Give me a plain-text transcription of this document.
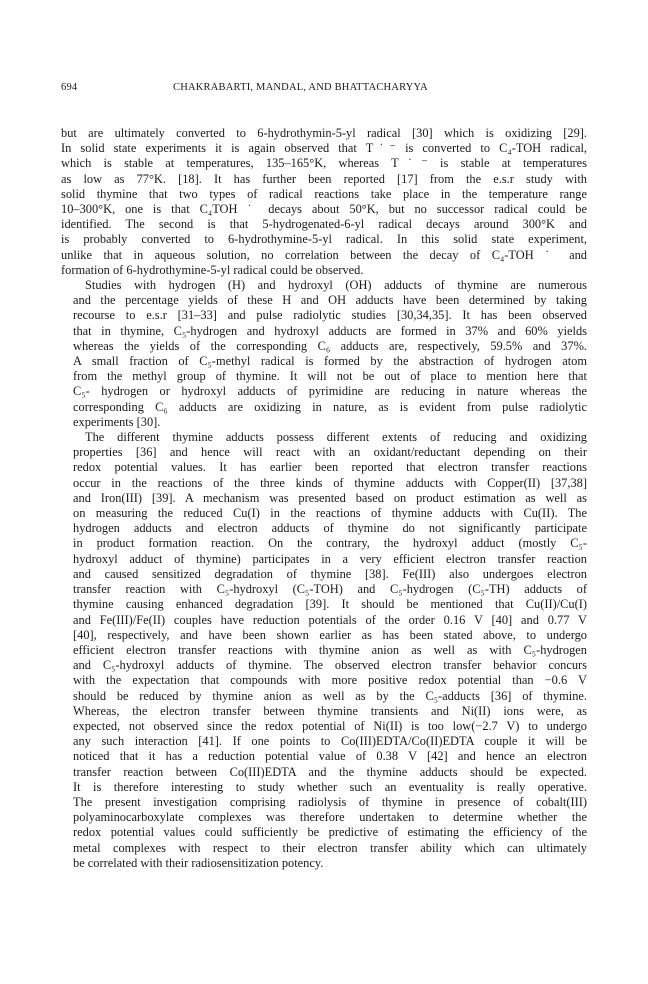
694	CHAKRABARTI, MANDAL, AND BHATTACHARYYA
but are ultimately converted to 6-hydrothymin-5-yl radical [30] which is oxidizing [29].
In solid state experiments it is again observed that T˙⁻ is converted to C₄-TOH radical,
which is stable at temperatures, 135–165°K, whereas T˙⁻ is stable at temperatures
as low as 77°K. [18]. It has further been reported [17] from the e.s.r study with
solid thymine that two types of radical reactions take place in the temperature range
10–300°K, one is that C₄TOH ˙ decays about 50°K, but no successor radical could be
identified. The second is that 5-hydrogenated-6-yl radical decays around 300°K and
is probably converted to 6-hydrothymine-5-yl radical. In this solid state experiment,
unlike that in aqueous solution, no correlation between the decay of C₄-TOH ˙ and
formation of 6-hydrothymine-5-yl radical could be observed.
Studies with hydrogen (H) and hydroxyl (OH) adducts of thymine are numerous
and the percentage yields of these H and OH adducts have been determined by taking
recourse to e.s.r [31–33] and pulse radiolytic studies [30,34,35]. It has been observed
that in thymine, C₅-hydrogen and hydroxyl adducts are formed in 37% and 60% yields
whereas the yields of the corresponding C₆ adducts are, respectively, 59.5% and 37%.
A small fraction of C₅-methyl radical is formed by the abstraction of hydrogen atom
from the methyl group of thymine. It will not be out of place to mention here that
C₅- hydrogen or hydroxyl adducts of pyrimidine are reducing in nature whereas the
corresponding C₆ adducts are oxidizing in nature, as is evident from pulse radiolytic
experiments [30].
The different thymine adducts possess different extents of reducing and oxidizing
properties [36] and hence will react with an oxidant/reductant depending on their
redox potential values. It has earlier been reported that electron transfer reactions
occur in the reactions of the three kinds of thymine adducts with Copper(II) [37,38]
and Iron(III) [39]. A mechanism was presented based on product estimation as well as
on measuring the reduced Cu(I) in the reactions of thymine adducts with Cu(II). The
hydrogen adducts and electron adducts of thymine do not significantly participate
in product formation reaction. On the contrary, the hydroxyl adduct (mostly C₅-
hydroxyl adduct of thymine) participates in a very efficient electron transfer reaction
and caused sensitized degradation of thymine [38]. Fe(III) also undergoes electron
transfer reaction with C₅-hydroxyl (C₅-TOH) and C₅-hydrogen (C₅-TH) adducts of
thymine causing enhanced degradation [39]. It should be mentioned that Cu(II)/Cu(I)
and Fe(III)/Fe(II) couples have reduction potentials of the order 0.16 V [40] and 0.77 V
[40], respectively, and have been shown earlier as has been stated above, to undergo
efficient electron transfer reactions with thymine anion as well as with C₅-hydrogen
and C₅-hydroxyl adducts of thymine. The observed electron transfer behavior concurs
with the expectation that compounds with more positive redox potential than −0.6 V
should be reduced by thymine anion as well as by the C₅-adducts [36] of thymine.
Whereas, the electron transfer between thymine transients and Ni(II) ions were, as
expected, not observed since the redox potential of Ni(II) is too low(−2.7 V) to undergo
any such interaction [41]. If one points to Co(III)EDTA/Co(II)EDTA couple it will be
noticed that it has a reduction potential value of 0.38 V [42] and hence an electron
transfer reaction between Co(III)EDTA and the thymine adducts should be expected.
It is therefore interesting to study whether such an eventuality is really operative.
The present investigation comprising radiolysis of thymine in presence of cobalt(III)
polyaminocarboxylate complexes was therefore undertaken to determine whether the
redox potential values could sufficiently be predictive of estimating the efficiency of the
metal complexes with respect to their electron transfer ability which can ultimately
be correlated with their radiosensitization potency.
